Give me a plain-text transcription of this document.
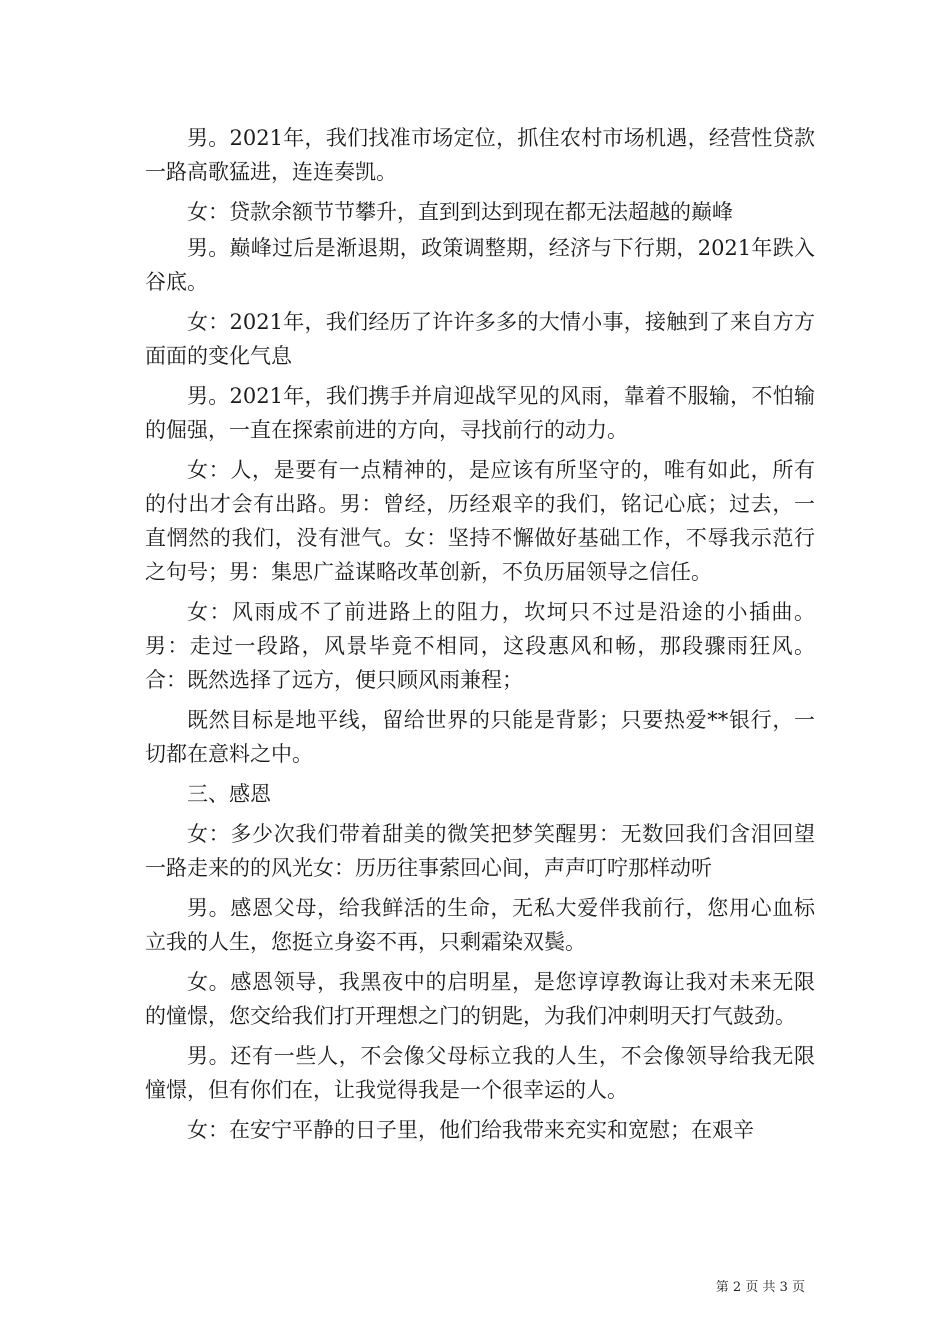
男。2021年，我们找准市场定位，抓住农村市场机遇，经营性贷款一路高歌猛进，连连奏凯。

女：贷款余额节节攀升，直到到达到现在都无法超越的巅峰

男。巅峰过后是渐退期，政策调整期，经济与下行期，2021年跌入谷底。

女：2021年，我们经历了许许多多的大情小事，接触到了来自方方面面的变化气息

男。2021年，我们携手并肩迎战罕见的风雨，靠着不服输，不怕输的倔强，一直在探索前进的方向，寻找前行的动力。

女：人，是要有一点精神的，是应该有所坚守的，唯有如此，所有的付出才会有出路。男：曾经，历经艰辛的我们，铭记心底；过去，一直惘然的我们，没有泄气。女：坚持不懈做好基础工作，不辱我示范行之句号；男：集思广益谋略改革创新，不负历届领导之信任。

女：风雨成不了前进路上的阻力，坎坷只不过是沿途的小插曲。男：走过一段路，风景毕竟不相同，这段惠风和畅，那段骤雨狂风。合：既然选择了远方，便只顾风雨兼程；

既然目标是地平线，留给世界的只能是背影；只要热爱**银行，一切都在意料之中。

三、感恩

女：多少次我们带着甜美的微笑把梦笑醒男：无数回我们含泪回望一路走来的的风光女：历历往事萦回心间，声声叮咛那样动听

男。感恩父母，给我鲜活的生命，无私大爱伴我前行，您用心血标立我的人生，您挺立身姿不再，只剩霜染双鬓。

女。感恩领导，我黑夜中的启明星，是您谆谆教诲让我对未来无限的憧憬，您交给我们打开理想之门的钥匙，为我们冲刺明天打气鼓劲。

男。还有一些人，不会像父母标立我的人生，不会像领导给我无限憧憬，但有你们在，让我觉得我是一个很幸运的人。

女：在安宁平静的日子里，他们给我带来充实和宽慰；在艰辛

第 2 页 共 3 页
